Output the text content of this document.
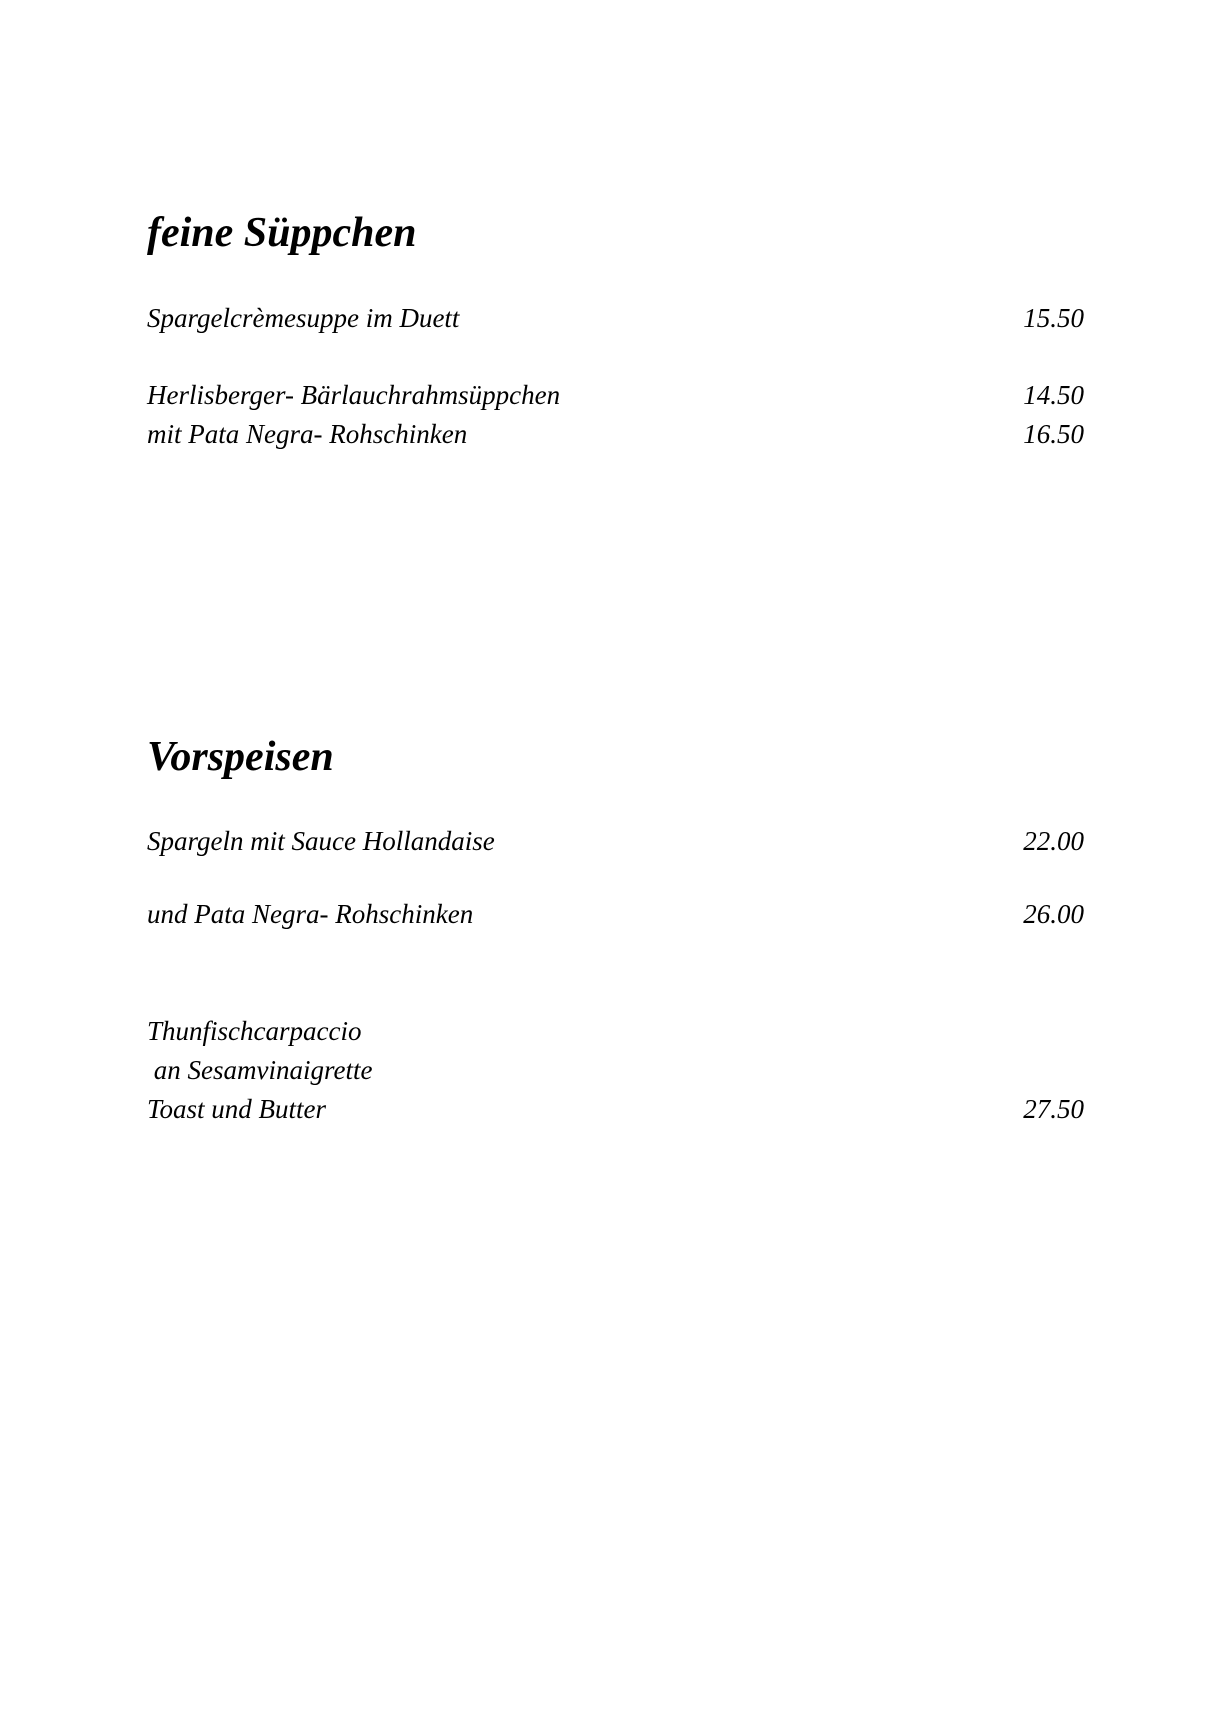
feine Süppchen
Spargelcrèmesuppe im Duett	15.50
Herlisberger- Bärlauchrahmsüppchen	14.50
mit Pata Negra- Rohschinken	16.50
Vorspeisen
Spargeln mit Sauce Hollandaise	22.00
und Pata Negra- Rohschinken	26.00
Thunfischcarpaccio
an Sesamvinaigrette
Toast und Butter	27.50
